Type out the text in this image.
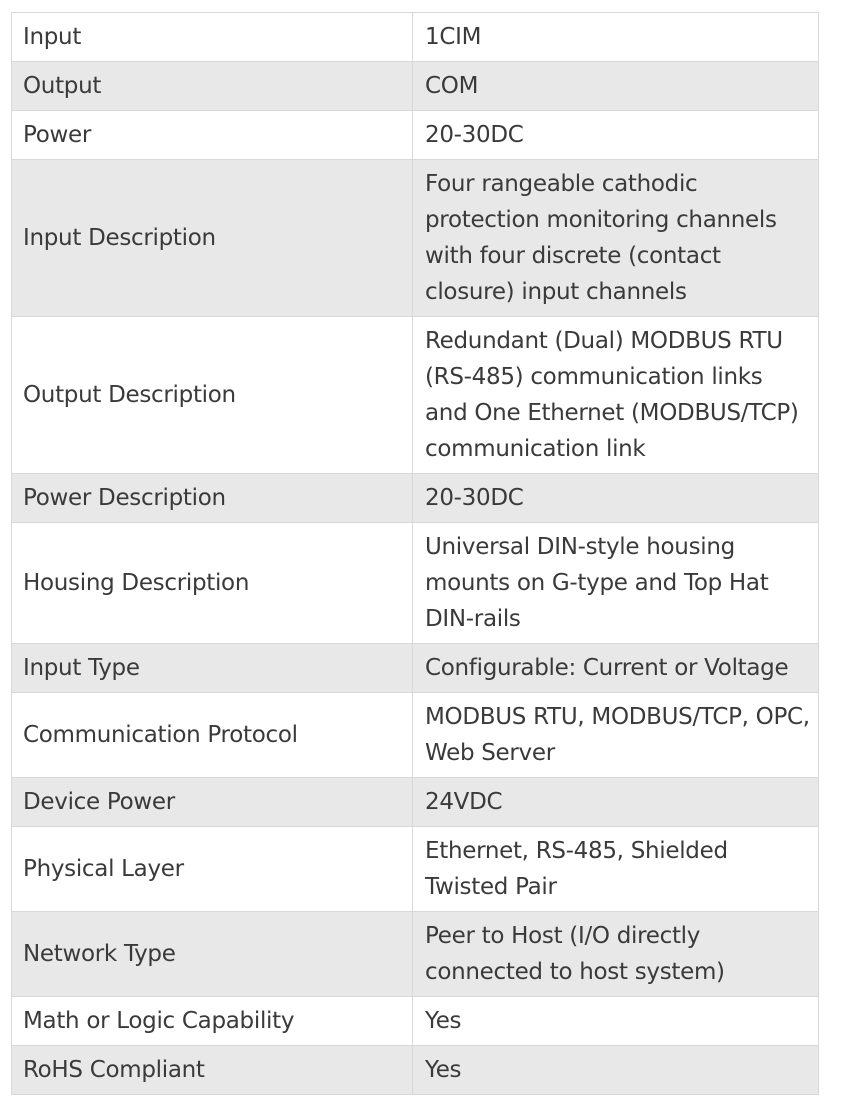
Input	1CIM
Output	COM
Power	20-30DC
Input Description	Four rangeable cathodic protection monitoring channels with four discrete (contact closure) input channels
Output Description	Redundant (Dual) MODBUS RTU (RS-485) communication links and One Ethernet (MODBUS/TCP) communication link
Power Description	20-30DC
Housing Description	Universal DIN-style housing mounts on G-type and Top Hat DIN-rails
Input Type	Configurable: Current or Voltage
Communication Protocol	MODBUS RTU, MODBUS/TCP, OPC, Web Server
Device Power	24VDC
Physical Layer	Ethernet, RS-485, Shielded Twisted Pair
Network Type	Peer to Host (I/O directly connected to host system)
Math or Logic Capability	Yes
RoHS Compliant	Yes
